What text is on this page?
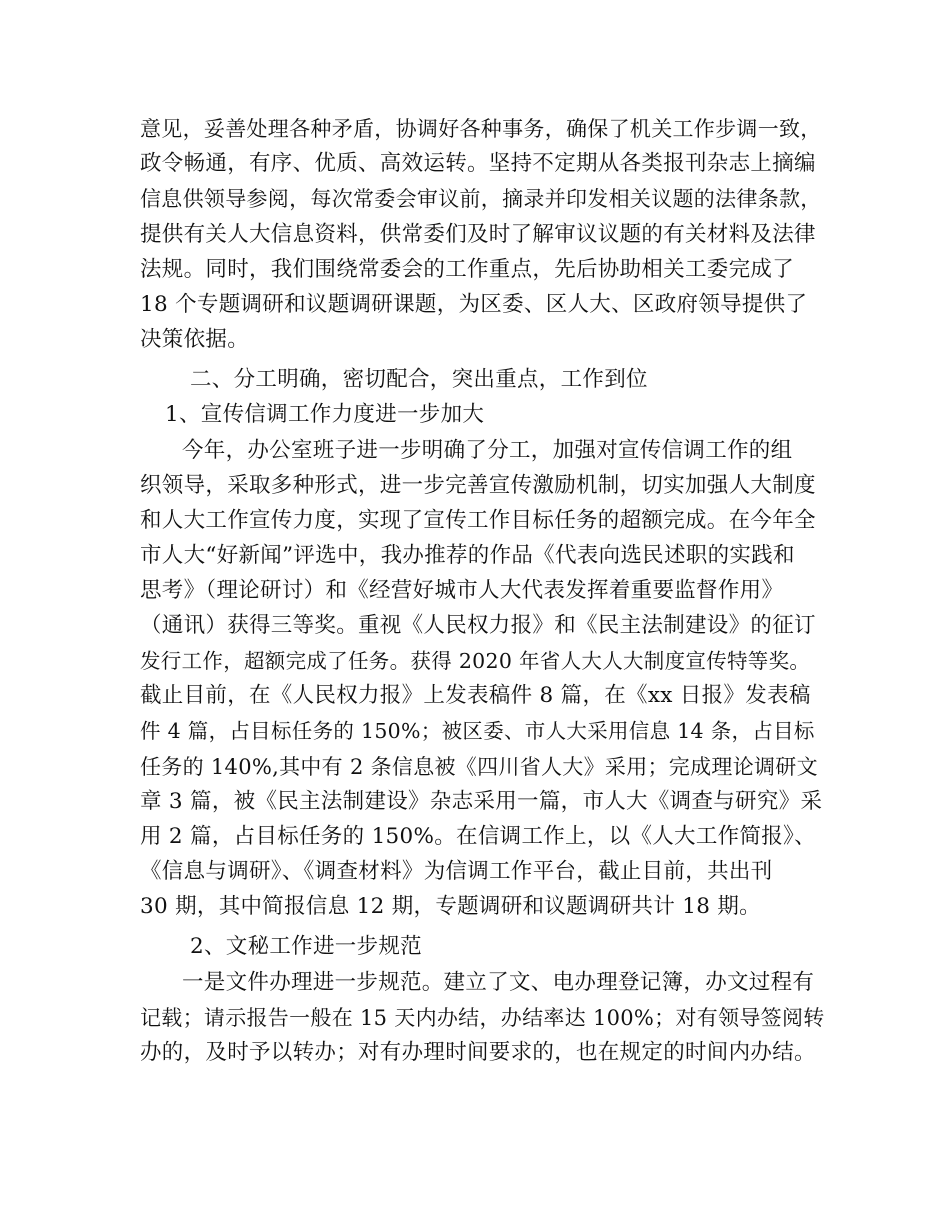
意见，妥善处理各种矛盾，协调好各种事务，确保了机关工作步调一致，
政令畅通，有序、优质、高效运转。坚持不定期从各类报刊杂志上摘编
信息供领导参阅，每次常委会审议前，摘录并印发相关议题的法律条款，
提供有关人大信息资料，供常委们及时了解审议议题的有关材料及法律
法规。同时，我们围绕常委会的工作重点，先后协助相关工委完成了
18 个专题调研和议题调研课题，为区委、区人大、区政府领导提供了
决策依据。
二、分工明确，密切配合，突出重点，工作到位
1、宣传信调工作力度进一步加大
今年，办公室班子进一步明确了分工，加强对宣传信调工作的组
织领导，采取多种形式，进一步完善宣传激励机制，切实加强人大制度
和人大工作宣传力度，实现了宣传工作目标任务的超额完成。在今年全
市人大“好新闻”评选中，我办推荐的作品《代表向选民述职的实践和
思考》（理论研讨）和《经营好城市人大代表发挥着重要监督作用》
（通讯）获得三等奖。重视《人民权力报》和《民主法制建设》的征订
发行工作，超额完成了任务。获得 2020 年省人大人大制度宣传特等奖。
截止目前，在《人民权力报》上发表稿件 8 篇，在《xx 日报》发表稿
件 4 篇，占目标任务的 150%；被区委、市人大采用信息 14 条，占目标
任务的 140%,其中有 2 条信息被《四川省人大》采用；完成理论调研文
章 3 篇，被《民主法制建设》杂志采用一篇，市人大《调查与研究》采
用 2 篇，占目标任务的 150%。在信调工作上，以《人大工作简报》、
《信息与调研》、《调查材料》为信调工作平台，截止目前，共出刊
30 期，其中简报信息 12 期，专题调研和议题调研共计 18 期。
2、文秘工作进一步规范
一是文件办理进一步规范。建立了文、电办理登记簿，办文过程有
记载；请示报告一般在 15 天内办结，办结率达 100%；对有领导签阅转
办的，及时予以转办；对有办理时间要求的，也在规定的时间内办结。
